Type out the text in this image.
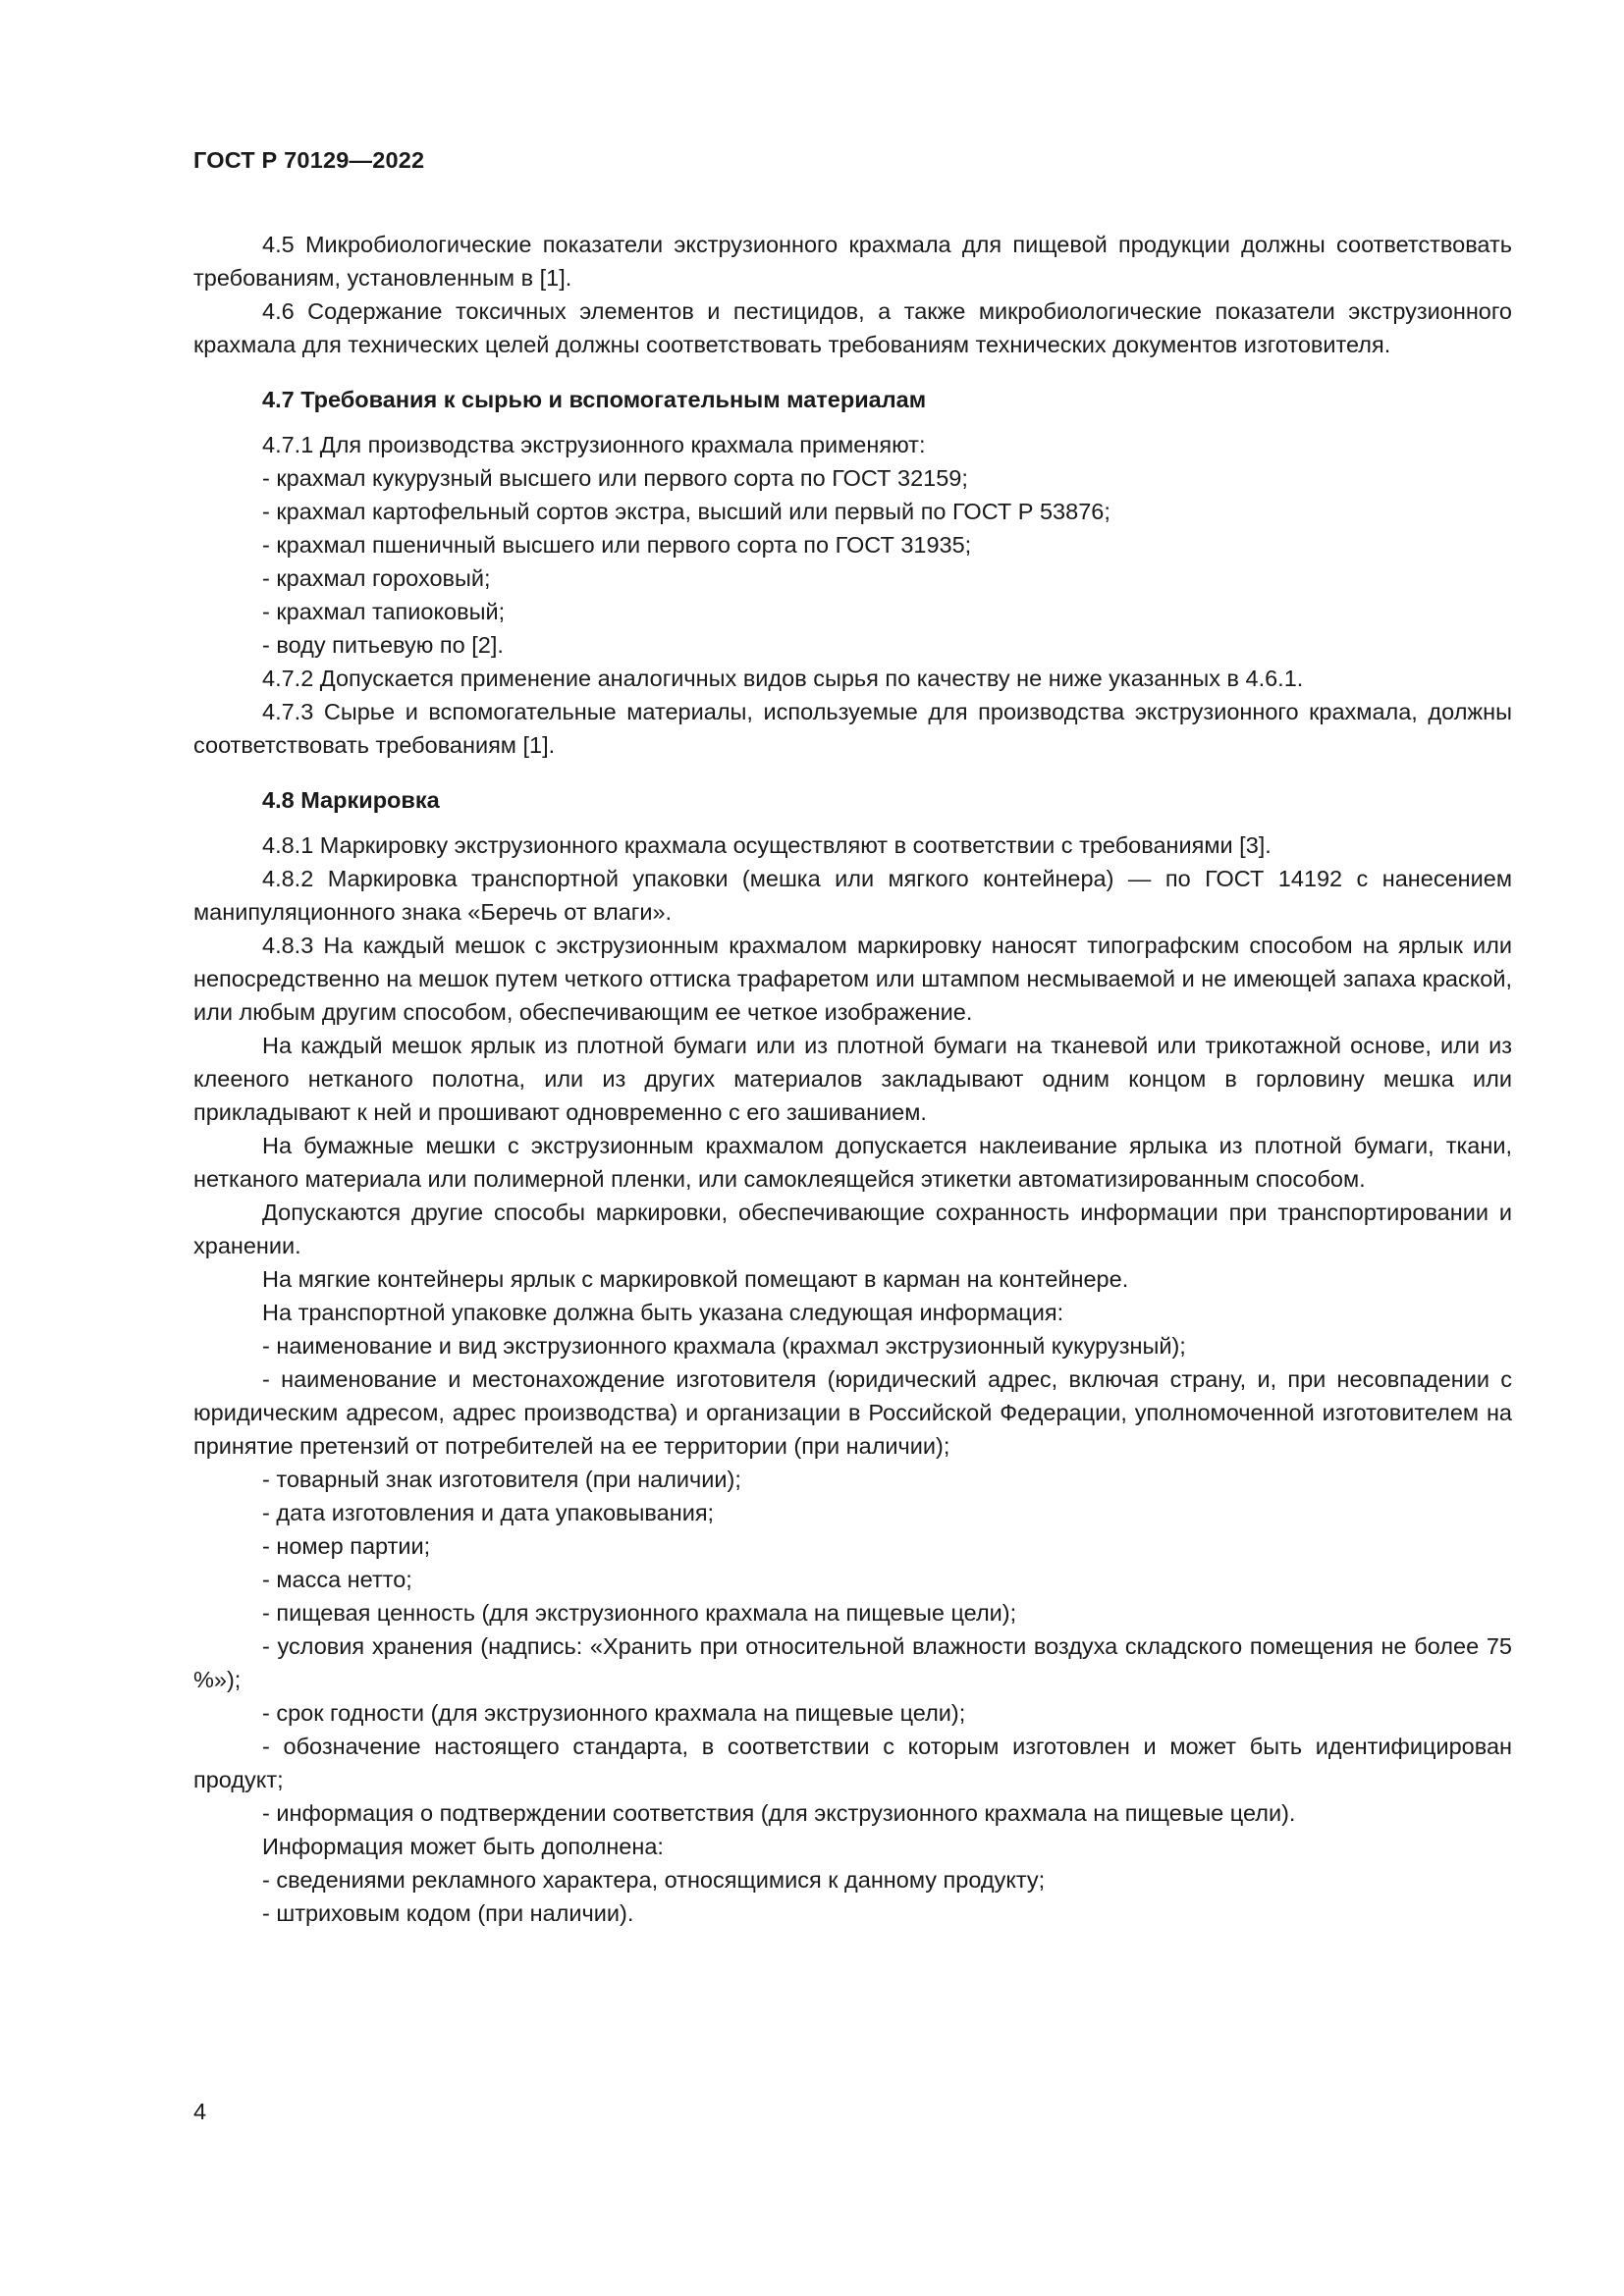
ГОСТ Р 70129—2022

4.5 Микробиологические показатели экструзионного крахмала для пищевой продукции должны соответствовать требованиям, установленным в [1].

4.6 Содержание токсичных элементов и пестицидов, а также микробиологические показатели экструзионного крахмала для технических целей должны соответствовать требованиям технических документов изготовителя.

4.7 Требования к сырью и вспомогательным материалам

4.7.1 Для производства экструзионного крахмала применяют:

- крахмал кукурузный высшего или первого сорта по ГОСТ 32159;

- крахмал картофельный сортов экстра, высший или первый по ГОСТ Р 53876;

- крахмал пшеничный высшего или первого сорта по ГОСТ 31935;

- крахмал гороховый;

- крахмал тапиоковый;

- воду питьевую по [2].

4.7.2 Допускается применение аналогичных видов сырья по качеству не ниже указанных в 4.6.1.

4.7.3 Сырье и вспомогательные материалы, используемые для производства экструзионного крахмала, должны соответствовать требованиям [1].

4.8 Маркировка

4.8.1 Маркировку экструзионного крахмала осуществляют в соответствии с требованиями [3].

4.8.2 Маркировка транспортной упаковки (мешка или мягкого контейнера) — по ГОСТ 14192 с нанесением манипуляционного знака «Беречь от влаги».

4.8.3 На каждый мешок с экструзионным крахмалом маркировку наносят типографским способом на ярлык или непосредственно на мешок путем четкого оттиска трафаретом или штампом несмываемой и не имеющей запаха краской, или любым другим способом, обеспечивающим ее четкое изображение.

На каждый мешок ярлык из плотной бумаги или из плотной бумаги на тканевой или трикотажной основе, или из клееного нетканого полотна, или из других материалов закладывают одним концом в горловину мешка или прикладывают к ней и прошивают одновременно с его зашиванием.

На бумажные мешки с экструзионным крахмалом допускается наклеивание ярлыка из плотной бумаги, ткани, нетканого материала или полимерной пленки, или самоклеящейся этикетки автоматизированным способом.

Допускаются другие способы маркировки, обеспечивающие сохранность информации при транспортировании и хранении.

На мягкие контейнеры ярлык с маркировкой помещают в карман на контейнере.

На транспортной упаковке должна быть указана следующая информация:

- наименование и вид экструзионного крахмала (крахмал экструзионный кукурузный);

- наименование и местонахождение изготовителя (юридический адрес, включая страну, и, при несовпадении с юридическим адресом, адрес производства) и организации в Российской Федерации, уполномоченной изготовителем на принятие претензий от потребителей на ее территории (при наличии);

- товарный знак изготовителя (при наличии);

- дата изготовления и дата упаковывания;

- номер партии;

- масса нетто;

- пищевая ценность (для экструзионного крахмала на пищевые цели);

- условия хранения (надпись: «Хранить при относительной влажности воздуха складского помещения не более 75 %»);

- срок годности (для экструзионного крахмала на пищевые цели);

- обозначение настоящего стандарта, в соответствии с которым изготовлен и может быть идентифицирован продукт;

- информация о подтверждении соответствия (для экструзионного крахмала на пищевые цели).

Информация может быть дополнена:

- сведениями рекламного характера, относящимися к данному продукту;

- штриховым кодом (при наличии).

4
